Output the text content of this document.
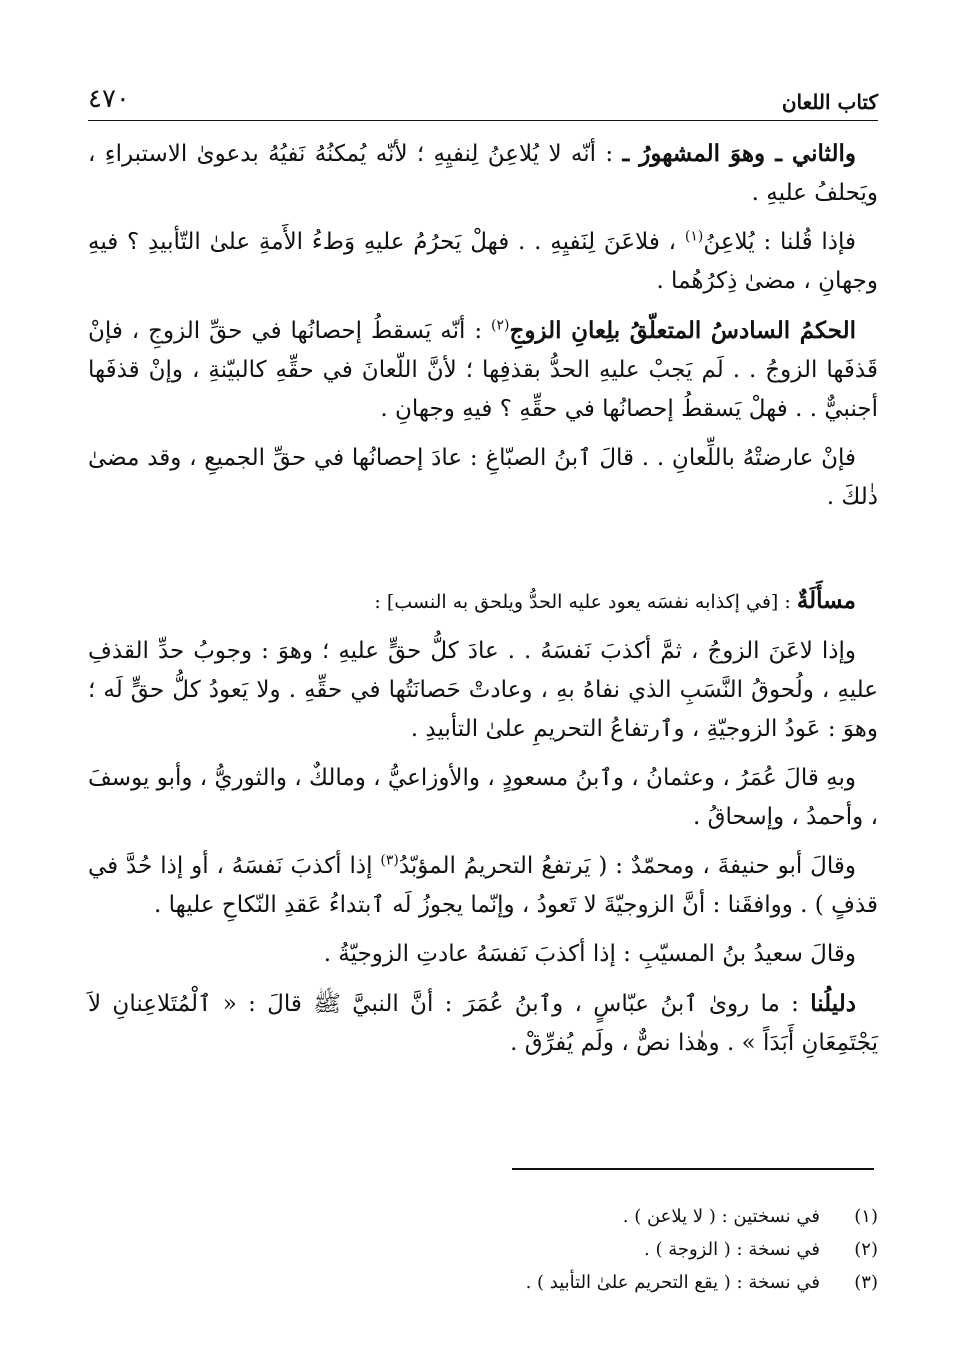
كتاب اللعان
٤٧٠

والثاني ـ وهوَ المشهورُ ـ : أنّه لا يُلاعِنُ لِنفيِهِ ؛ لأنّه يُمكنُهُ نَفيُهُ بدعوىٰ الاستبراءِ ، ويَحلفُ عليهِ .

فإذا قُلنا : يُلاعِنُ$^{(١)}$ ، فلاعَنَ لِنَفيِهِ . . فهلْ يَحرُمُ عليهِ وَطءُ الأَمةِ علىٰ التّأبيدِ ؟ فيهِ وجهانِ ، مضىٰ ذِكرُهُما .

الحكمُ السادسُ المتعلّقُ بلِعانِ الزوجِ$^{(٢)}$ : أنّه يَسقطُ إحصانُها في حقِّ الزوجِ ، فإنْ قَذفَها الزوجُ . . لَم يَجبْ عليهِ الحدُّ بقذفِها ؛ لأنَّ اللّعانَ في حقِّهِ كالبيّنةِ ، وإنْ قذفَها أجنبيٌّ . . فهلْ يَسقطُ إحصانُها في حقِّهِ ؟ فيهِ وجهانِ .

فإنْ عارضتْهُ باللِّعانِ . . قالَ ٱبنُ الصبّاغِ : عادَ إحصانُها في حقِّ الجميعِ ، وقد مضىٰ ذٰلكَ .

مسأَلَةٌ : [في إكذابه نفسَه يعود عليه الحدُّ ويلحق به النسب] :

وإذا لاعَنَ الزوجُ ، ثمَّ أكذبَ نَفسَهُ . . عادَ كلُّ حقٍّ عليهِ ؛ وهوَ : وجوبُ حدِّ القذفِ عليهِ ، ولُحوقُ النَّسَبِ الذي نفاهُ بهِ ، وعادتْ حَصانَتُها في حقِّهِ . ولا يَعودُ كلُّ حقٍّ لَه ؛ وهوَ : عَودُ الزوجيّةِ ، وٱرتفاعُ التحريمِ علىٰ التأبيدِ .

وبهِ قالَ عُمَرُ ، وعثمانُ ، وٱبنُ مسعودٍ ، والأوزاعيُّ ، ومالكٌ ، والثوريُّ ، وأبو يوسفَ ، وأحمدُ ، وإسحاقُ .

وقالَ أبو حنيفةَ ، ومحمّدٌ : ( يَرتفعُ التحريمُ المؤبّدُ$^{(٣)}$ إذا أكذبَ نَفسَهُ ، أو إذا حُدَّ في قذفٍ ) . ووافقَنا : أنَّ الزوجيّةَ لا تَعودُ ، وإنّما يجوزُ لَه ٱبتداءُ عَقدِ النّكاحِ عليها .

وقالَ سعيدُ بنُ المسيّبِ : إذا أكذبَ نَفسَهُ عادتِ الزوجيّةُ .

دليلُنا : ما روىٰ ٱبنُ عبّاسٍ ، وٱبنُ عُمَرَ : أنَّ النبيَّ ﷺ قالَ : « ٱلْمُتَلاعِنانِ لاَ يَجْتَمِعَانِ أَبَدَاً » . وهٰذا نصٌّ ، ولَم يُفرِّقْ .

(١)
في نسختين : ( لا يلاعن ) .
(٢)
في نسخة : ( الزوجة ) .
(٣)
في نسخة : ( يقع التحريم علىٰ التأبيد ) .
